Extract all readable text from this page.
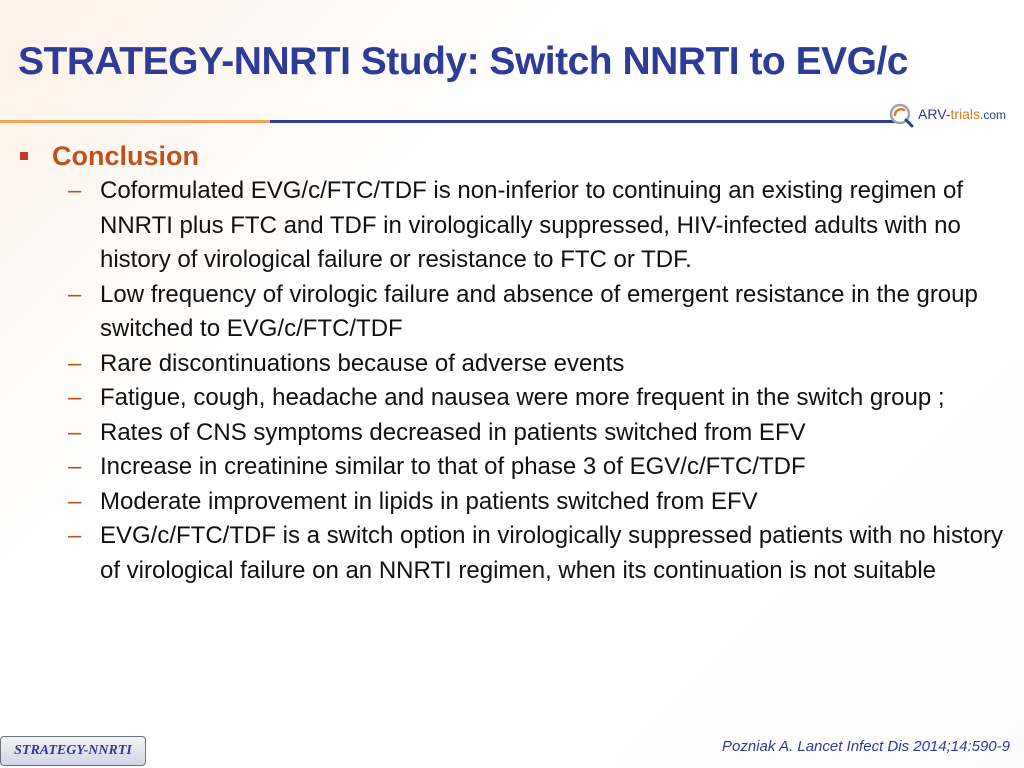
STRATEGY-NNRTI Study: Switch NNRTI to EVG/c
ARV-trials.com
Conclusion
– Coformulated EVG/c/FTC/TDF is non-inferior to continuing an existing regimen of NNRTI plus FTC and TDF in virologically suppressed, HIV-infected adults with no history of virological failure or resistance to FTC or TDF.
– Low frequency of virologic failure and absence of emergent resistance in the group switched to EVG/c/FTC/TDF
– Rare discontinuations because of adverse events
– Fatigue, cough, headache and nausea were more frequent in the switch group ;
– Rates of CNS symptoms decreased in patients switched from EFV
– Increase in creatinine similar to that of phase 3 of EGV/c/FTC/TDF
– Moderate improvement in lipids in patients switched from EFV
– EVG/c/FTC/TDF is a switch option in virologically suppressed patients with no history of virological failure on an NNRTI regimen, when its continuation is not suitable
STRATEGY-NNRTI	Pozniak A. Lancet Infect Dis 2014;14:590-9
